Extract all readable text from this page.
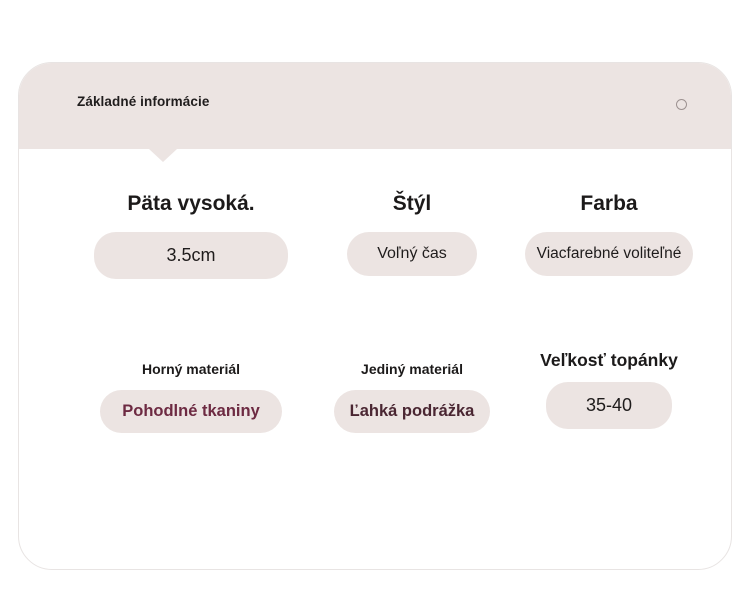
Základné informácie
Päta vysoká.
3.5cm
Štýl
Voľný čas
Farba
Viacfarebné voliteľné
Horný materiál
Pohodlné tkaniny
Jediný materiál
Ľahká podrážka
Veľkosť topánky
35-40
